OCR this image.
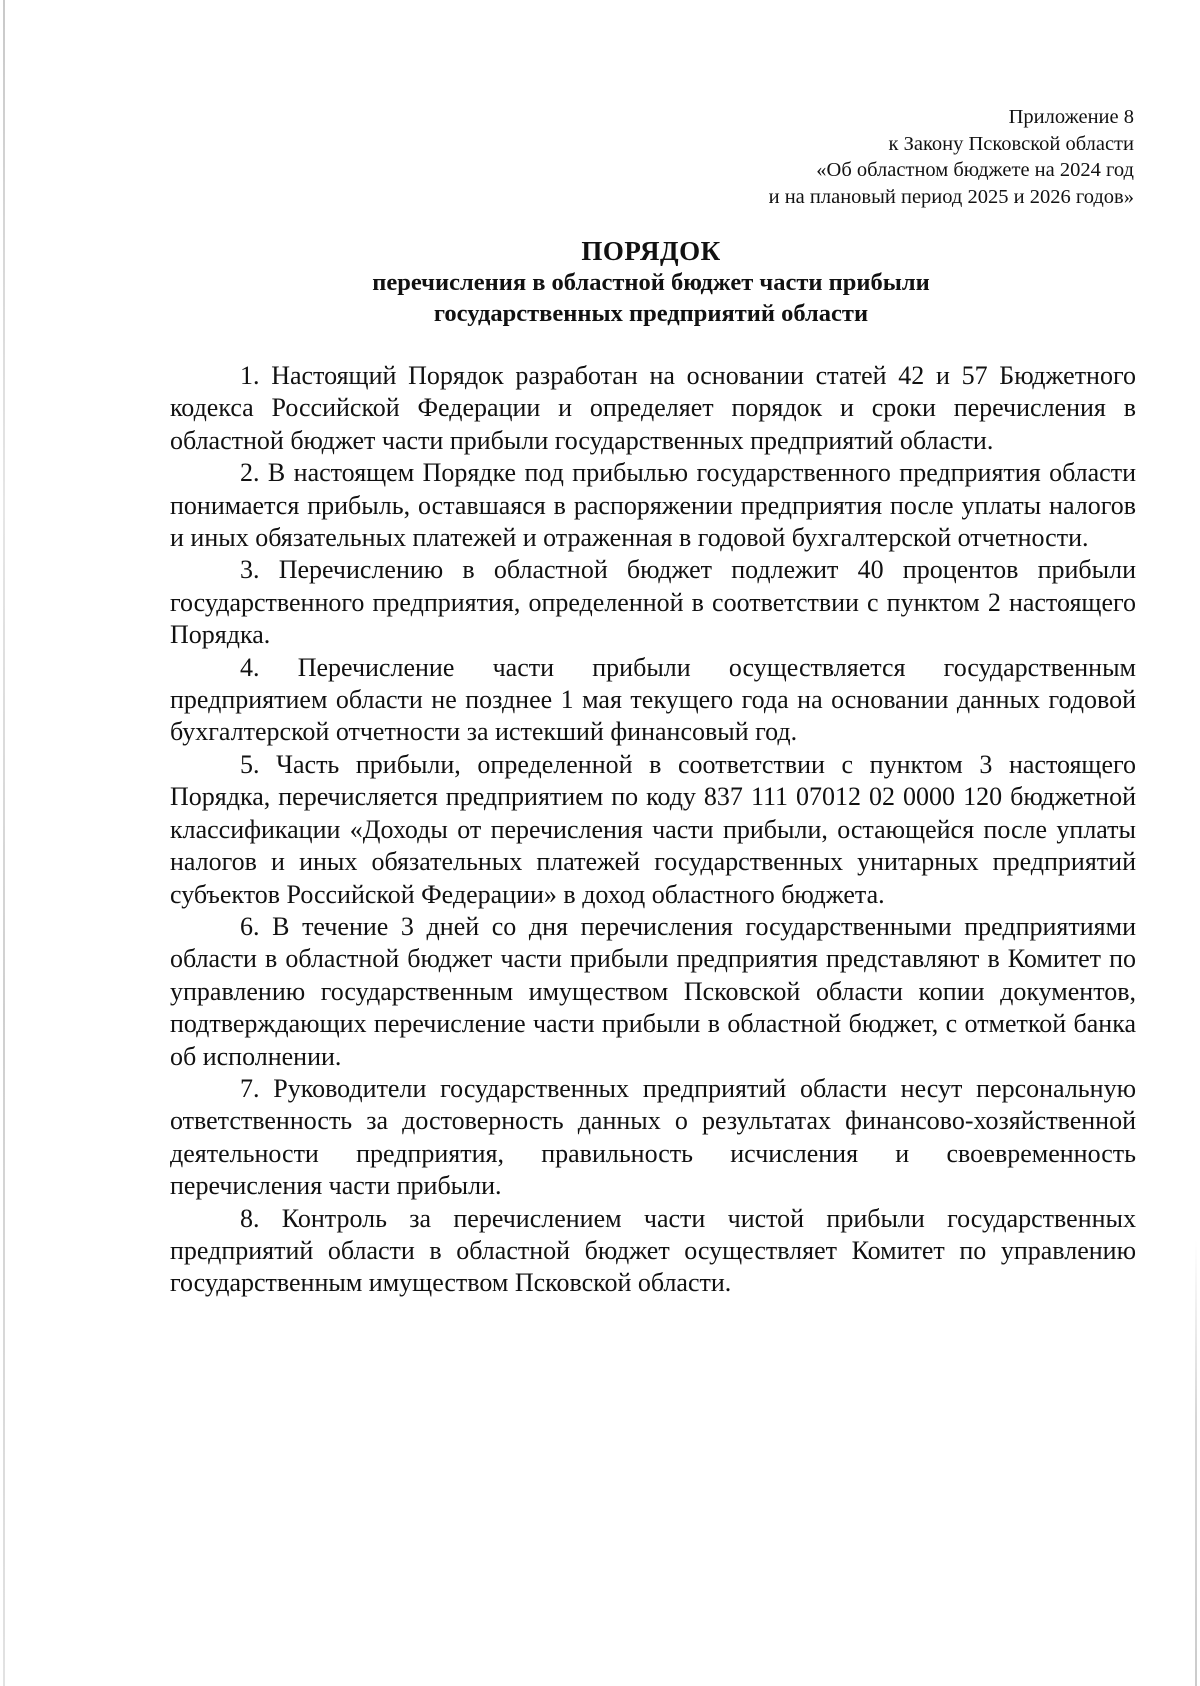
Приложение 8
к Закону Псковской области
«Об областном бюджете на 2024 год
и на плановый период 2025 и 2026 годов»
ПОРЯДОК
перечисления в областной бюджет части прибыли
государственных предприятий области

1. Настоящий Порядок разработан на основании статей 42 и 57 Бюджетного кодекса Российской Федерации и определяет порядок и сроки перечисления в областной бюджет части прибыли государственных предприятий области.

2. В настоящем Порядке под прибылью государственного предприятия области понимается прибыль, оставшаяся в распоряжении предприятия после уплаты налогов и иных обязательных платежей и отраженная в годовой бухгалтерской отчетности.

3. Перечислению в областной бюджет подлежит 40 процентов прибыли государственного предприятия, определенной в соответствии с пунктом 2 настоящего Порядка.

4. Перечисление части прибыли осуществляется государственным предприятием области не позднее 1 мая текущего года на основании данных годовой бухгалтерской отчетности за истекший финансовый год.

5. Часть прибыли, определенной в соответствии с пунктом 3 настоящего Порядка, перечисляется предприятием по коду 837 111 07012 02 0000 120 бюджетной классификации «Доходы от перечисления части прибыли, остающейся после уплаты налогов и иных обязательных платежей государственных унитарных предприятий субъектов Российской Федерации» в доход областного бюджета.

6. В течение 3 дней со дня перечисления государственными предприятиями области в областной бюджет части прибыли предприятия представляют в Комитет по управлению государственным имуществом Псковской области копии документов, подтверждающих перечисление части прибыли в областной бюджет, с отметкой банка об исполнении.

7. Руководители государственных предприятий области несут персональную ответственность за достоверность данных о результатах финансово-хозяйственной деятельности предприятия, правильность исчисления и своевременность перечисления части прибыли.

8. Контроль за перечислением части чистой прибыли государственных предприятий области в областной бюджет осуществляет Комитет по управлению государственным имуществом Псковской области.
